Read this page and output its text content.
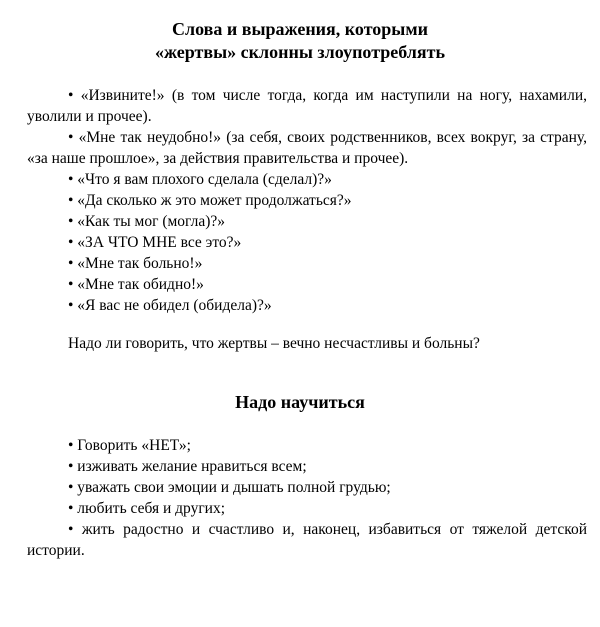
Слова и выражения, которыми
«жертвы» склонны злоупотреблять

• «Извините!» (в том числе тогда, когда им наступили на ногу, нахамили, уволили и прочее).

• «Мне так неудобно!» (за себя, своих родственников, всех вокруг, за страну, «за наше прошлое», за действия правительства и прочее).

• «Что я вам плохого сделала (сделал)?»

• «Да сколько ж это может продолжаться?»

• «Как ты мог (могла)?»

• «ЗА ЧТО МНЕ все это?»

• «Мне так больно!»

• «Мне так обидно!»

• «Я вас не обидел (обидела)?»

Надо ли говорить, что жертвы – вечно несчастливы и больны?

Надо научиться

• Говорить «НЕТ»;

• изживать желание нравиться всем;

• уважать свои эмоции и дышать полной грудью;

• любить себя и других;

• жить радостно и счастливо и, наконец, избавиться от тяжелой детской истории.
